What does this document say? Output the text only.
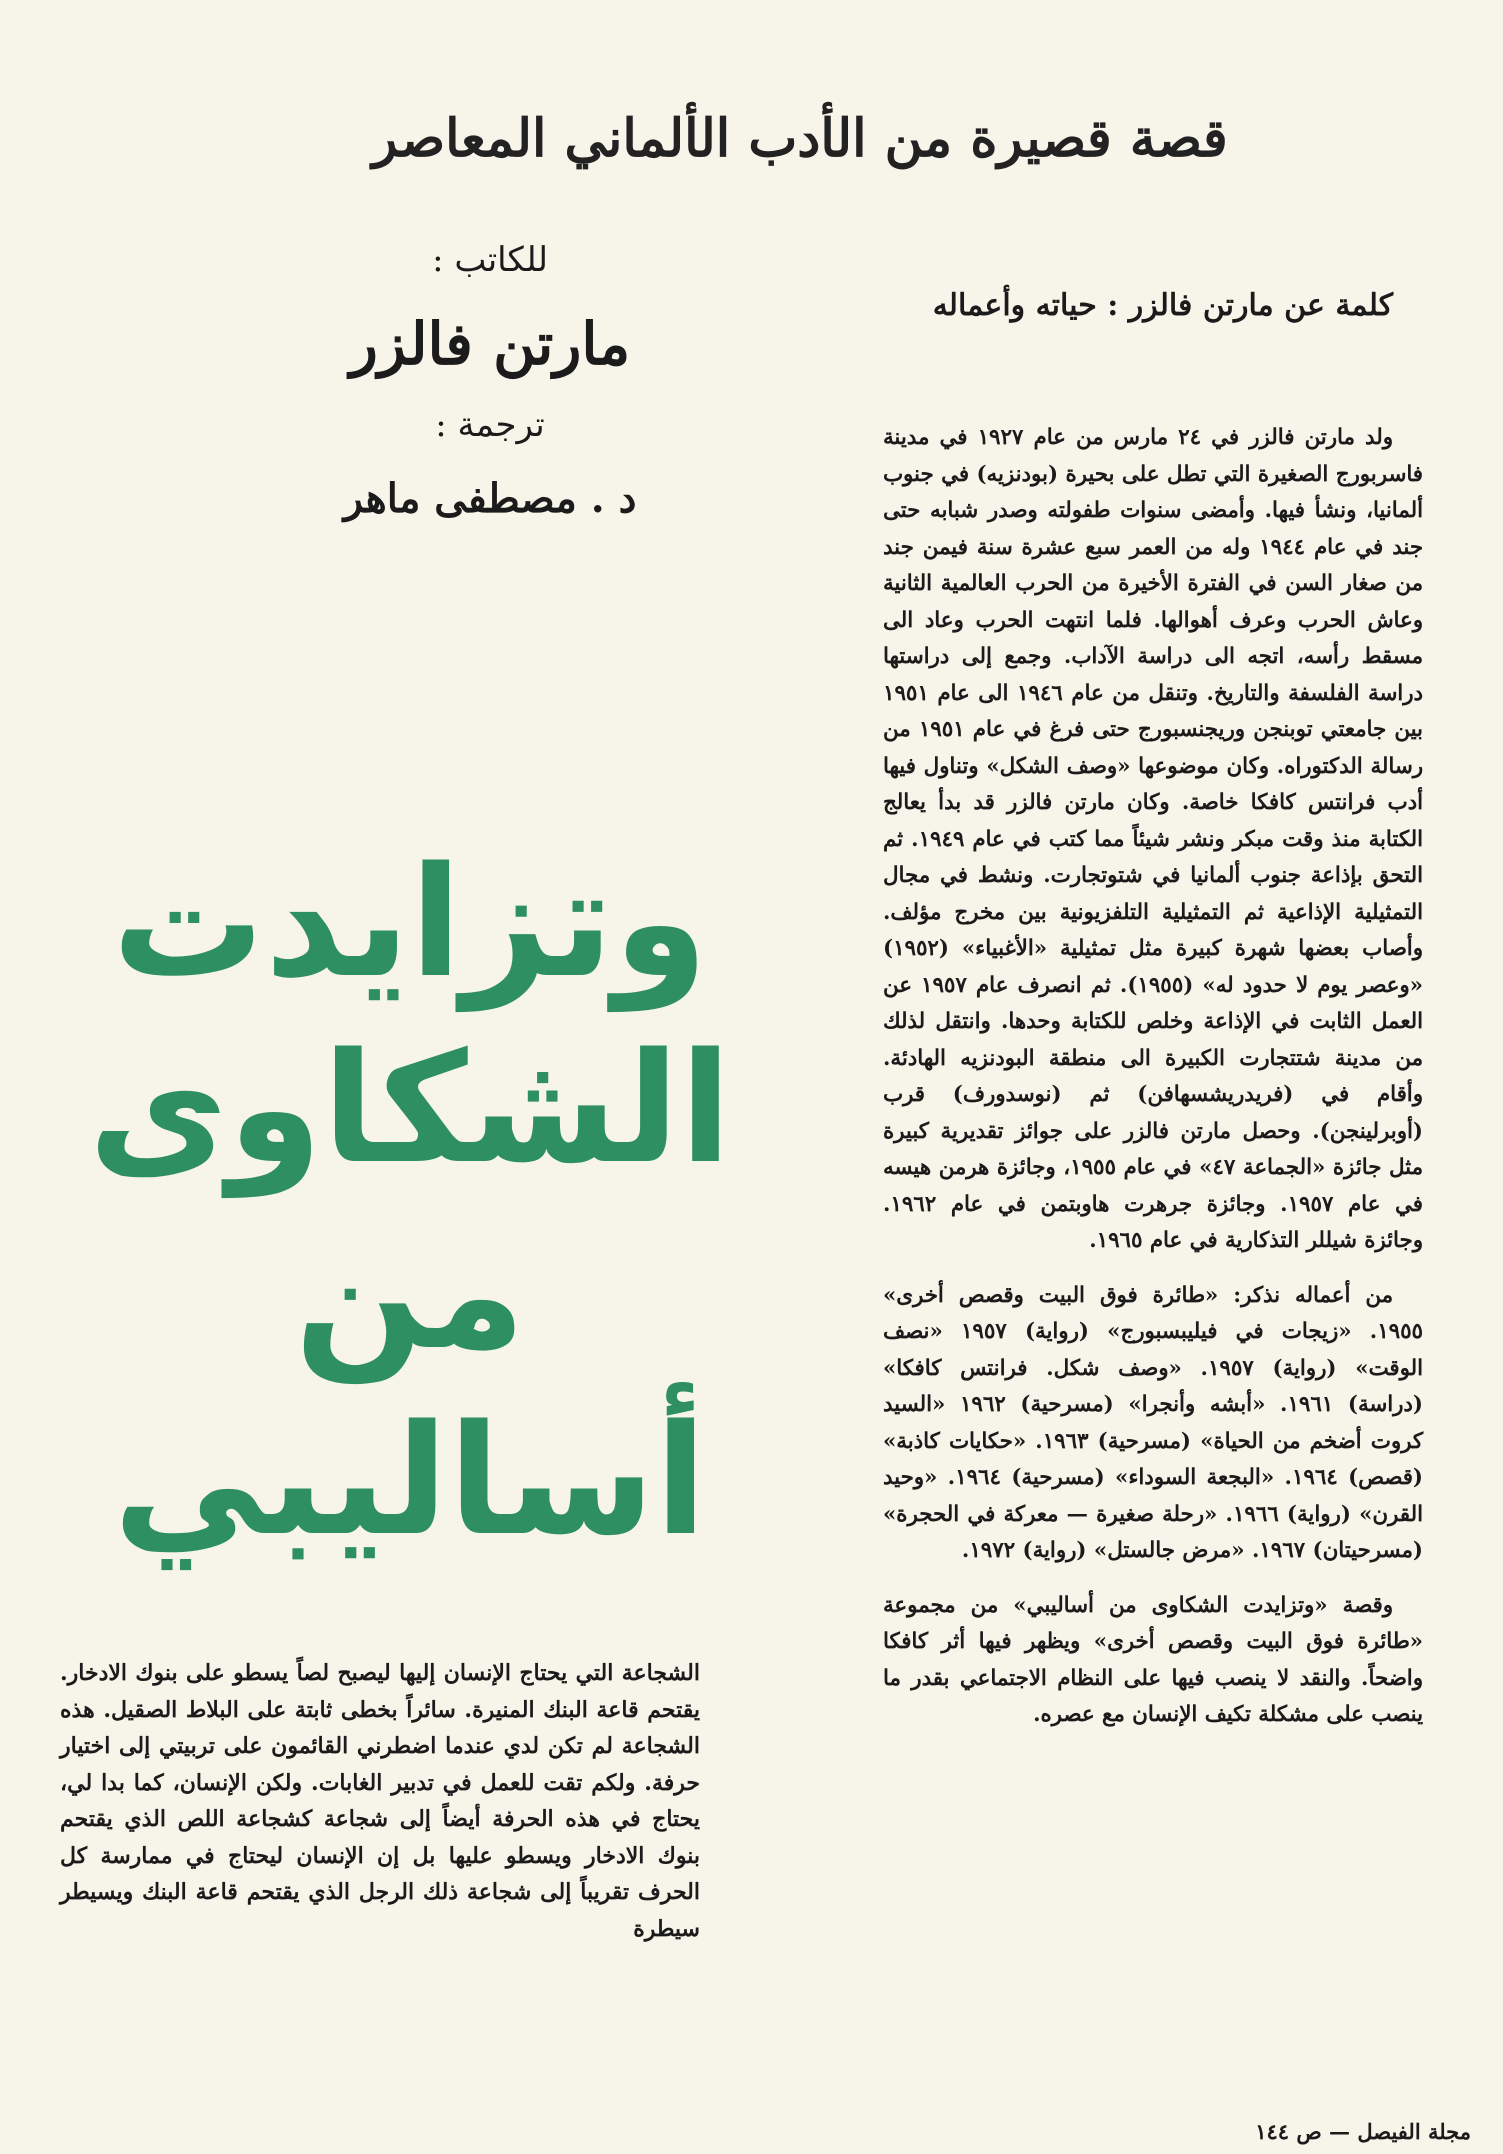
قصة قصيرة من الأدب الألماني المعاصر
للكاتب :
مارتن فالزر
ترجمة :
د . مصطفى ماهر
كلمة عن مارتن فالزر : حياته وأعماله

ولد مارتن فالزر في ٢٤ مارس من عام ١٩٢٧ في مدينة فاسربورج الصغيرة التي تطل على بحيرة (بودنزيه) في جنوب ألمانيا، ونشأ فيها. وأمضى سنوات طفولته وصدر شبابه حتى جند في عام ١٩٤٤ وله من العمر سبع عشرة سنة فيمن جند من صغار السن في الفترة الأخيرة من الحرب العالمية الثانية وعاش الحرب وعرف أهوالها. فلما انتهت الحرب وعاد الى مسقط رأسه، اتجه الى دراسة الآداب. وجمع إلى دراستها دراسة الفلسفة والتاريخ. وتنقل من عام ١٩٤٦ الى عام ١٩٥١ بين جامعتي توبنجن وريجنسبورج حتى فرغ في عام ١٩٥١ من رسالة الدكتوراه. وكان موضوعها «وصف الشكل» وتناول فيها أدب فرانتس كافكا خاصة. وكان مارتن فالزر قد بدأ يعالج الكتابة منذ وقت مبكر ونشر شيئاً مما كتب في عام ١٩٤٩. ثم التحق بإذاعة جنوب ألمانيا في شتوتجارت. ونشط في مجال التمثيلية الإذاعية ثم التمثيلية التلفزيونية بين مخرج مؤلف. وأصاب بعضها شهرة كبيرة مثل تمثيلية «الأغبياء» (١٩٥٢) «وعصر يوم لا حدود له» (١٩٥٥). ثم انصرف عام ١٩٥٧ عن العمل الثابت في الإذاعة وخلص للكتابة وحدها. وانتقل لذلك من مدينة شتتجارت الكبيرة الى منطقة البودنزيه الهادئة. وأقام في (فريدريشسهافن) ثم (نوسدورف) قرب (أوبرلينجن). وحصل مارتن فالزر على جوائز تقديرية كبيرة مثل جائزة «الجماعة ٤٧» في عام ١٩٥٥، وجائزة هرمن هيسه في عام ١٩٥٧. وجائزة جرهرت هاوبتمن في عام ١٩٦٢. وجائزة شيللر التذكارية في عام ١٩٦٥.

من أعماله نذكر: «طائرة فوق البيت وقصص أخرى» ١٩٥٥. «زيجات في فيليبسبورج» (رواية) ١٩٥٧ «نصف الوقت» (رواية) ١٩٥٧. «وصف شكل. فرانتس كافكا» (دراسة) ١٩٦١. «أبشه وأنجرا» (مسرحية) ١٩٦٢ «السيد كروت أضخم من الحياة» (مسرحية) ١٩٦٣. «حكايات كاذبة» (قصص) ١٩٦٤. «البجعة السوداء» (مسرحية) ١٩٦٤. «وحيد القرن» (رواية) ١٩٦٦. «رحلة صغيرة — معركة في الحجرة» (مسرحيتان) ١٩٦٧. «مرض جالستل» (رواية) ١٩٧٢.

وقصة «وتزايدت الشكاوى من أساليبي» من مجموعة «طائرة فوق البيت وقصص أخرى» ويظهر فيها أثر كافكا واضحاً. والنقد لا ينصب فيها على النظام الاجتماعي بقدر ما ينصب على مشكلة تكيف الإنسان مع عصره.

وتزايدت
الشكاوى
من
أساليبي

الشجاعة التي يحتاج الإنسان إليها ليصبح لصاً يسطو على بنوك الادخار. يقتحم قاعة البنك المنيرة. سائراً بخطى ثابتة على البلاط الصقيل. هذه الشجاعة لم تكن لدي عندما اضطرني القائمون على تربيتي إلى اختيار حرفة. ولكم تقت للعمل في تدبير الغابات. ولكن الإنسان، كما بدا لي، يحتاج في هذه الحرفة أيضاً إلى شجاعة كشجاعة اللص الذي يقتحم بنوك الادخار ويسطو عليها بل إن الإنسان ليحتاج في ممارسة كل الحرف تقريباً إلى شجاعة ذلك الرجل الذي يقتحم قاعة البنك ويسيطر سيطرة

مجلة الفيصل — ص ١٤٤
